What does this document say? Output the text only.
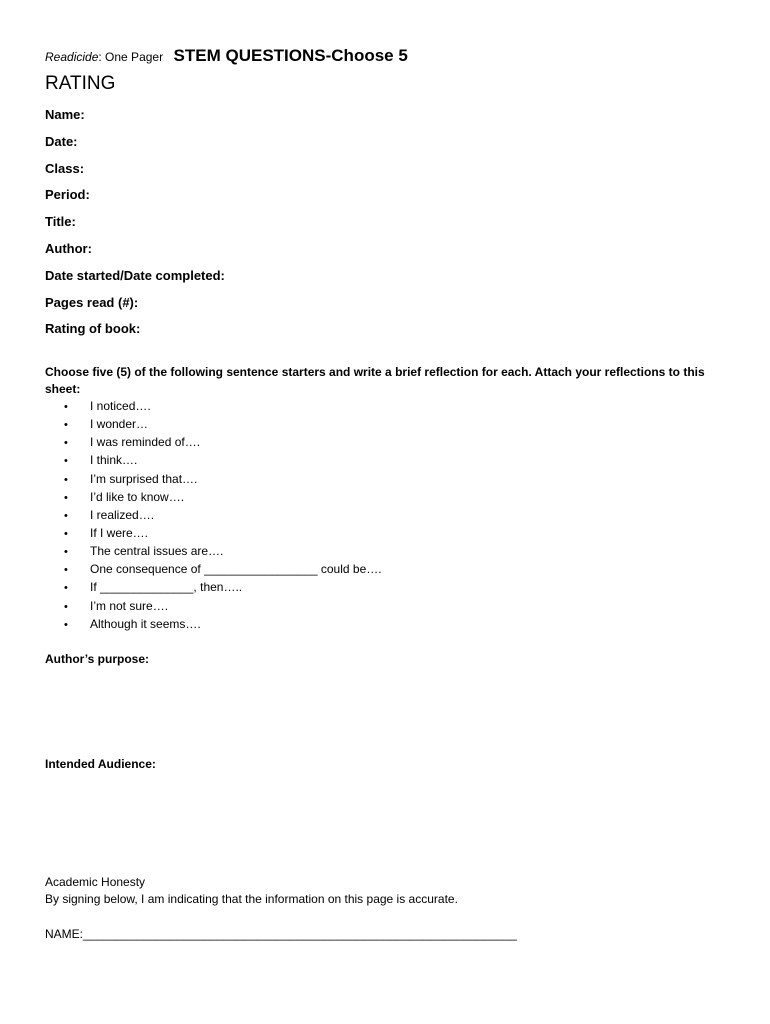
Readicide: One Pager STEM QUESTIONS-Choose 5
RATING
Name:
Date:
Class:
Period:
Title:
Author:
Date started/Date completed:
Pages read (#):
Rating of book:
Choose five (5) of the following sentence starters and write a brief reflection for each. Attach your reflections to this sheet:
• I noticed….
• I wonder…
• I was reminded of….
• I think….
• I’m surprised that….
• I’d like to know….
• I realized….
• If I were….
• The central issues are….
• One consequence of _________________ could be….
• If ______________, then…..
• I’m not sure….
• Although it seems….
Author’s purpose:
Intended Audience:
Academic Honesty
By signing below, I am indicating that the information on this page is accurate.
NAME:_________________________________________________________________
